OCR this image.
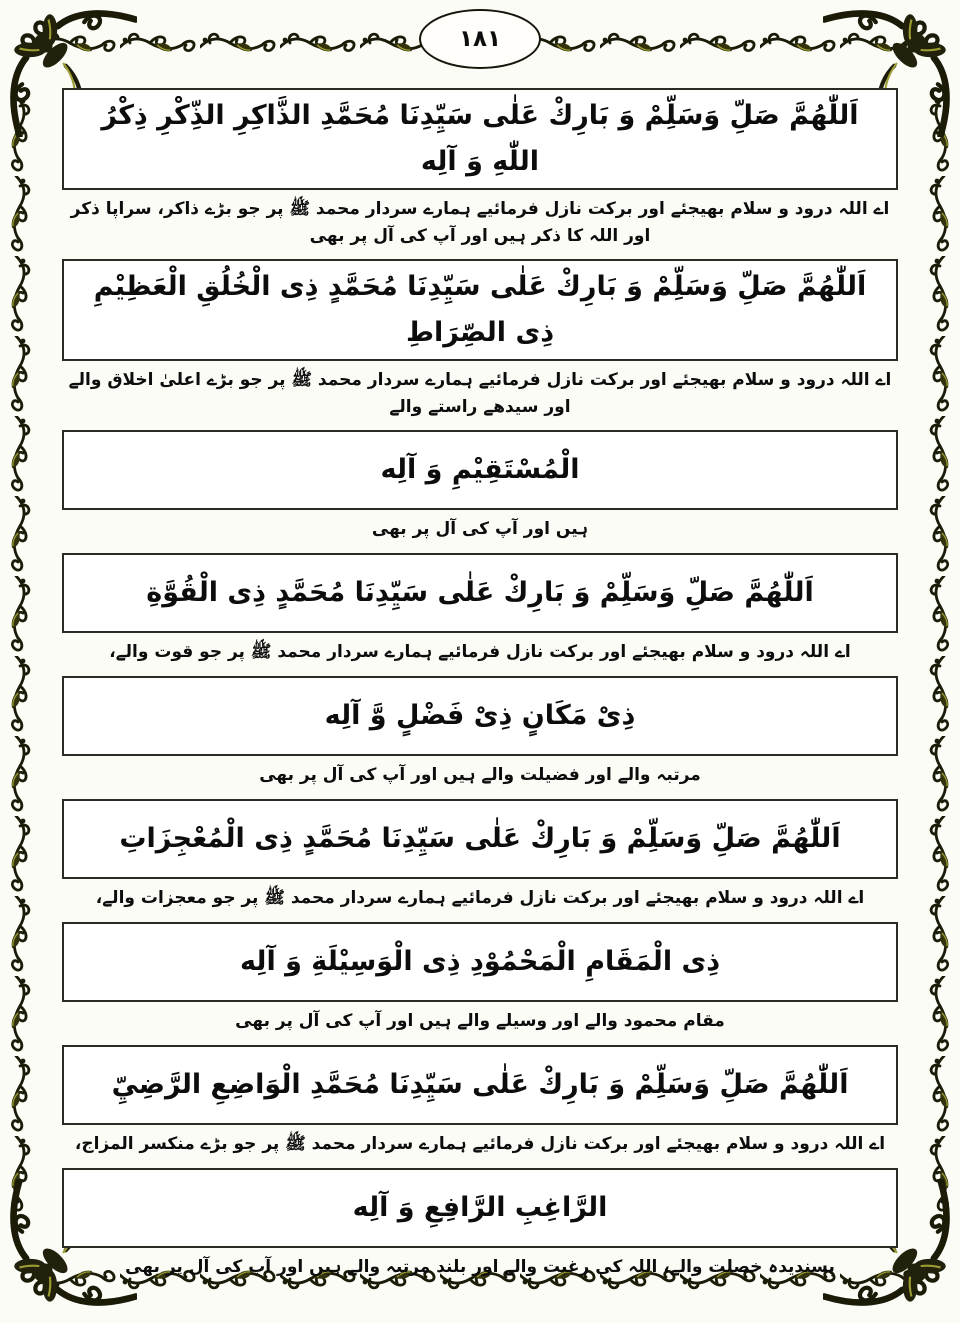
١٨١

اَللّٰهُمَّ صَلِّ وَسَلِّمْ وَ بَارِكْ عَلٰى سَيِّدِنَا مُحَمَّدِ الذَّاكِرِ الذِّكْرِ ذِكْرُ اللّٰهِ وَ آلِه

اے اللہ درود و سلام بھیجئے اور برکت نازل فرمائیے ہمارے سردار محمد ﷺ پر جو بڑے ذاکر، سراپا ذکر اور اللہ کا ذکر ہیں اور آپ کی آل پر بھی

اَللّٰهُمَّ صَلِّ وَسَلِّمْ وَ بَارِكْ عَلٰى سَيِّدِنَا مُحَمَّدٍ ذِی الْخُلُقِ الْعَظِيْمِ ذِی الصِّرَاطِ

اے اللہ درود و سلام بھیجئے اور برکت نازل فرمائیے ہمارے سردار محمد ﷺ پر جو بڑے اعلیٰ اخلاق والے اور سیدھے راستے والے

الْمُسْتَقِيْمِ وَ آلِه

ہیں اور آپ کی آل پر بھی

اَللّٰهُمَّ صَلِّ وَسَلِّمْ وَ بَارِكْ عَلٰى سَيِّدِنَا مُحَمَّدٍ ذِی الْقُوَّةِ

اے اللہ درود و سلام بھیجئے اور برکت نازل فرمائیے ہمارے سردار محمد ﷺ پر جو قوت والے،

ذِیْ مَکَانٍ ذِیْ فَضْلٍ وَّ آلِه

مرتبہ والے اور فضیلت والے ہیں اور آپ کی آل پر بھی

اَللّٰهُمَّ صَلِّ وَسَلِّمْ وَ بَارِكْ عَلٰى سَيِّدِنَا مُحَمَّدٍ ذِی الْمُعْجِزَاتِ

اے اللہ درود و سلام بھیجئے اور برکت نازل فرمائیے ہمارے سردار محمد ﷺ پر جو معجزات والے،

ذِی الْمَقَامِ الْمَحْمُوْدِ ذِی الْوَسِيْلَةِ وَ آلِه

مقام محمود والے اور وسیلے والے ہیں اور آپ کی آل پر بھی

اَللّٰهُمَّ صَلِّ وَسَلِّمْ وَ بَارِكْ عَلٰى سَيِّدِنَا مُحَمَّدِ الْوَاضِعِ الرَّضِيِّ

اے اللہ درود و سلام بھیجئے اور برکت نازل فرمائیے ہمارے سردار محمد ﷺ پر جو بڑے منکسر المزاج،

الرَّاغِبِ الرَّافِعِ وَ آلِه

پسندیدہ خصلت والے، اللہ کی رغبت والے اور بلند مرتبہ والے ہیں اور آپ کی آل پر بھی
